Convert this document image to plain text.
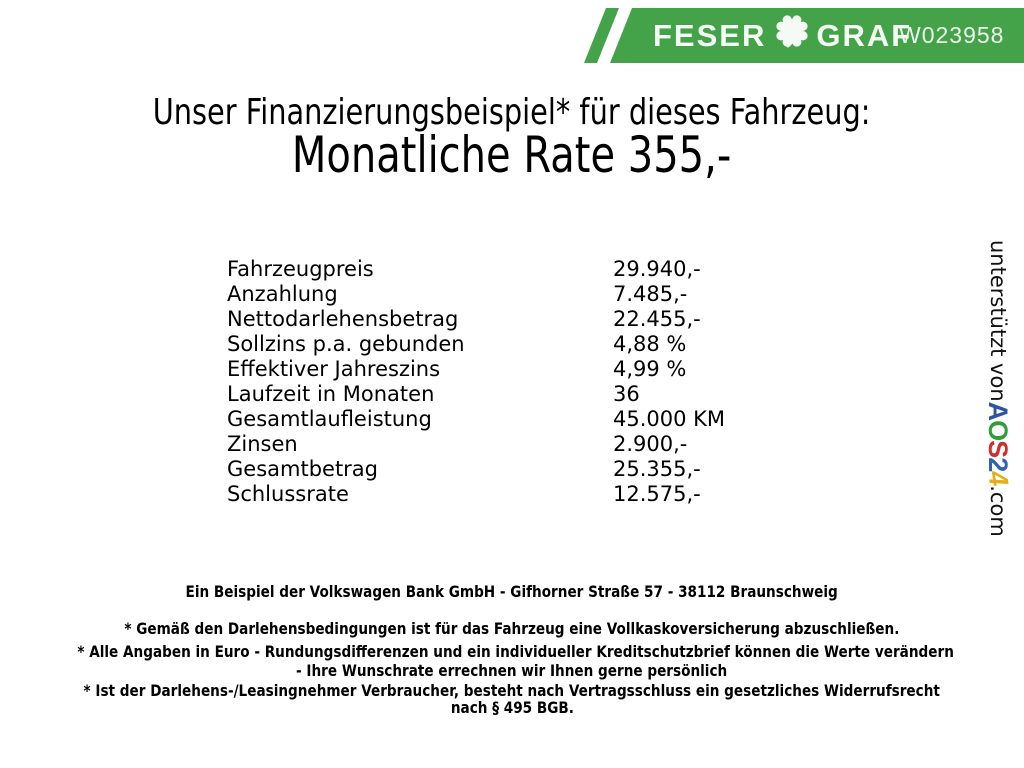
FESER GRAF
W023958
Unser Finanzierungsbeispiel* für dieses Fahrzeug:
Monatliche Rate 355,-
Fahrzeugpreis	29.940,-
Anzahlung	7.485,-
Nettodarlehensbetrag	22.455,-
Sollzins p.a. gebunden	4,88 %
Effektiver Jahreszins	4,99 %
Laufzeit in Monaten	36
Gesamtlaufleistung	45.000 KM
Zinsen	2.900,-
Gesamtbetrag	25.355,-
Schlussrate	12.575,-
unterstützt von
AOS24
.com
Ein Beispiel der Volkswagen Bank GmbH - Gifhorner Straße 57 - 38112 Braunschweig
* Gemäß den Darlehensbedingungen ist für das Fahrzeug eine Vollkaskoversicherung abzuschließen.
* Alle Angaben in Euro - Rundungsdifferenzen und ein individueller Kreditschutzbrief können die Werte verändern
- Ihre Wunschrate errechnen wir Ihnen gerne persönlich
* Ist der Darlehens-/Leasingnehmer Verbraucher, besteht nach Vertragsschluss ein gesetzliches Widerrufsrecht
nach § 495 BGB.
